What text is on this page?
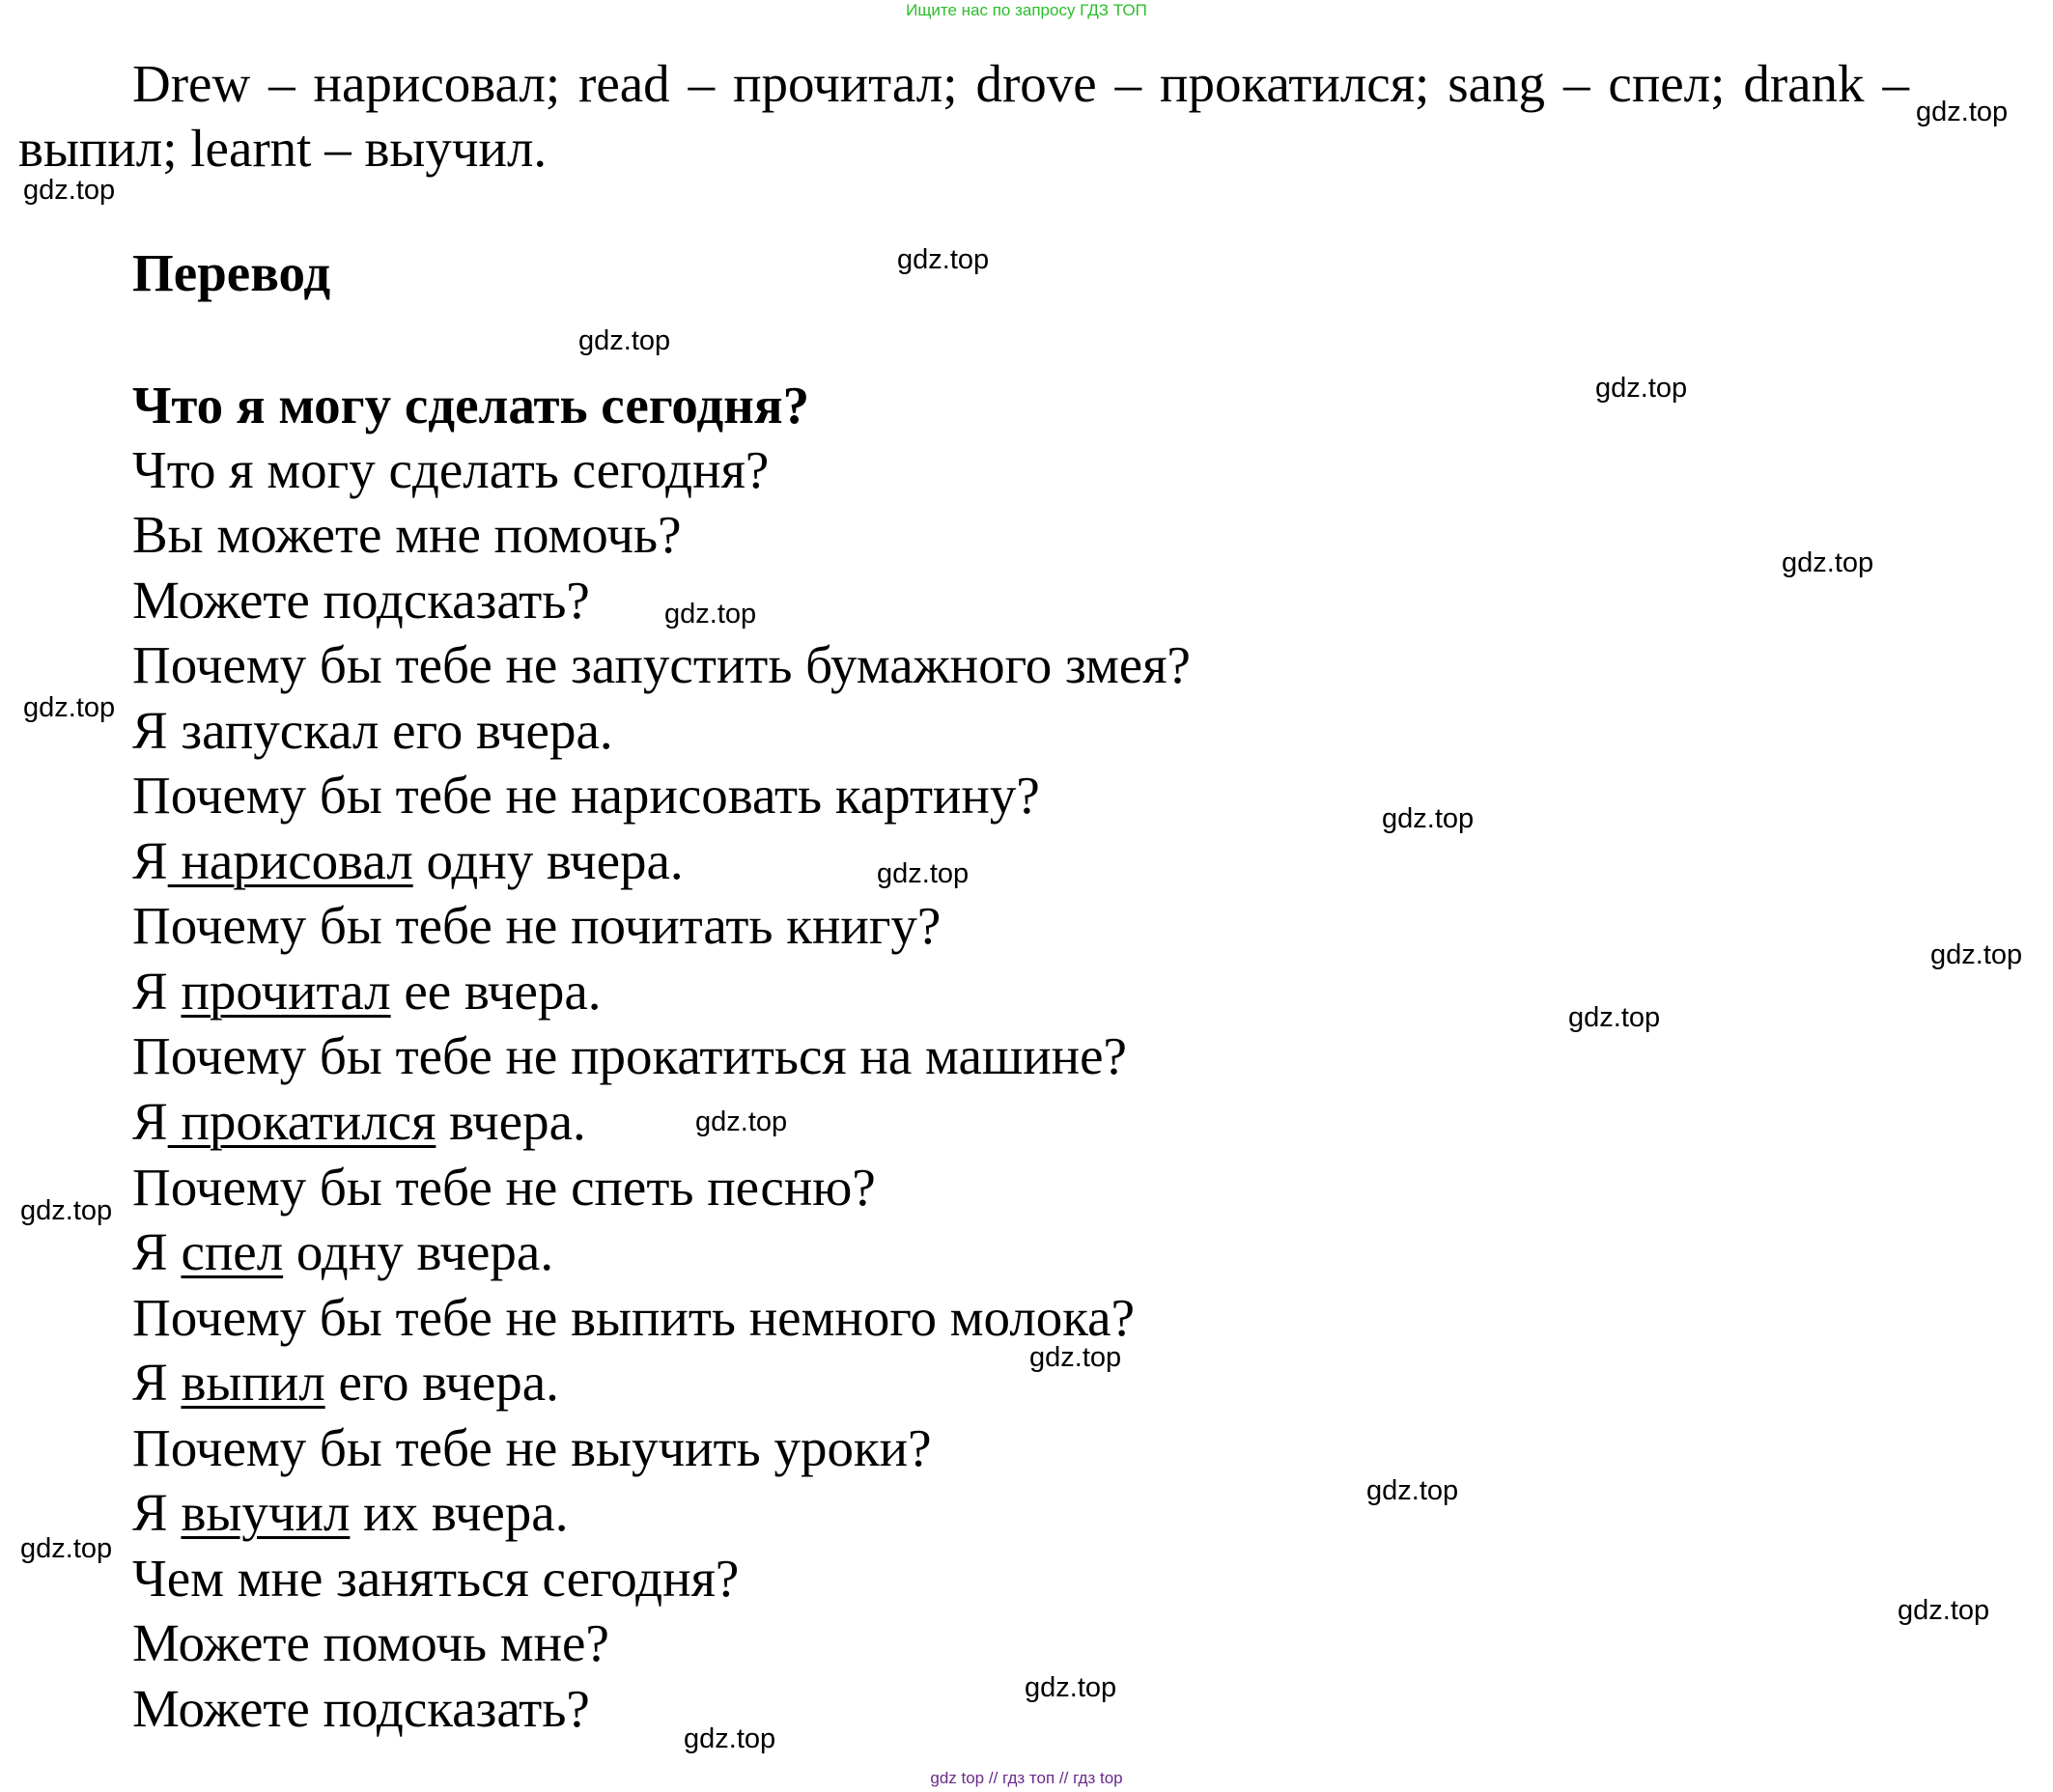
Ищите нас по запросу ГДЗ ТОП

Drew – нарисовал; read – прочитал; drove – прокатился; sang – спел; drank – выпил; learnt – выучил.

Перевод
Что я могу сделать сегодня?
Что я могу сделать сегодня?
Вы можете мне помочь?
Можете подсказать?
Почему бы тебе не запустить бумажного змея?
Я запускал его вчера.
Почему бы тебе не нарисовать картину?
Я нарисовал одну вчера.
Почему бы тебе не почитать книгу?
Я прочитал ее вчера.
Почему бы тебе не прокатиться на машине?
Я прокатился вчера.
Почему бы тебе не спеть песню?
Я спел одну вчера.
Почему бы тебе не выпить немного молока?
Я выпил его вчера.
Почему бы тебе не выучить уроки?
Я выучил их вчера.
Чем мне заняться сегодня?
Можете помочь мне?
Можете подсказать?
gdz.top
gdz.top
gdz.top
gdz.top
gdz.top
gdz.top
gdz.top
gdz.top
gdz.top
gdz.top
gdz.top
gdz.top
gdz.top
gdz.top
gdz.top
gdz.top
gdz.top
gdz.top
gdz.top
gdz.top
gdz top // гдз топ // гдз top
